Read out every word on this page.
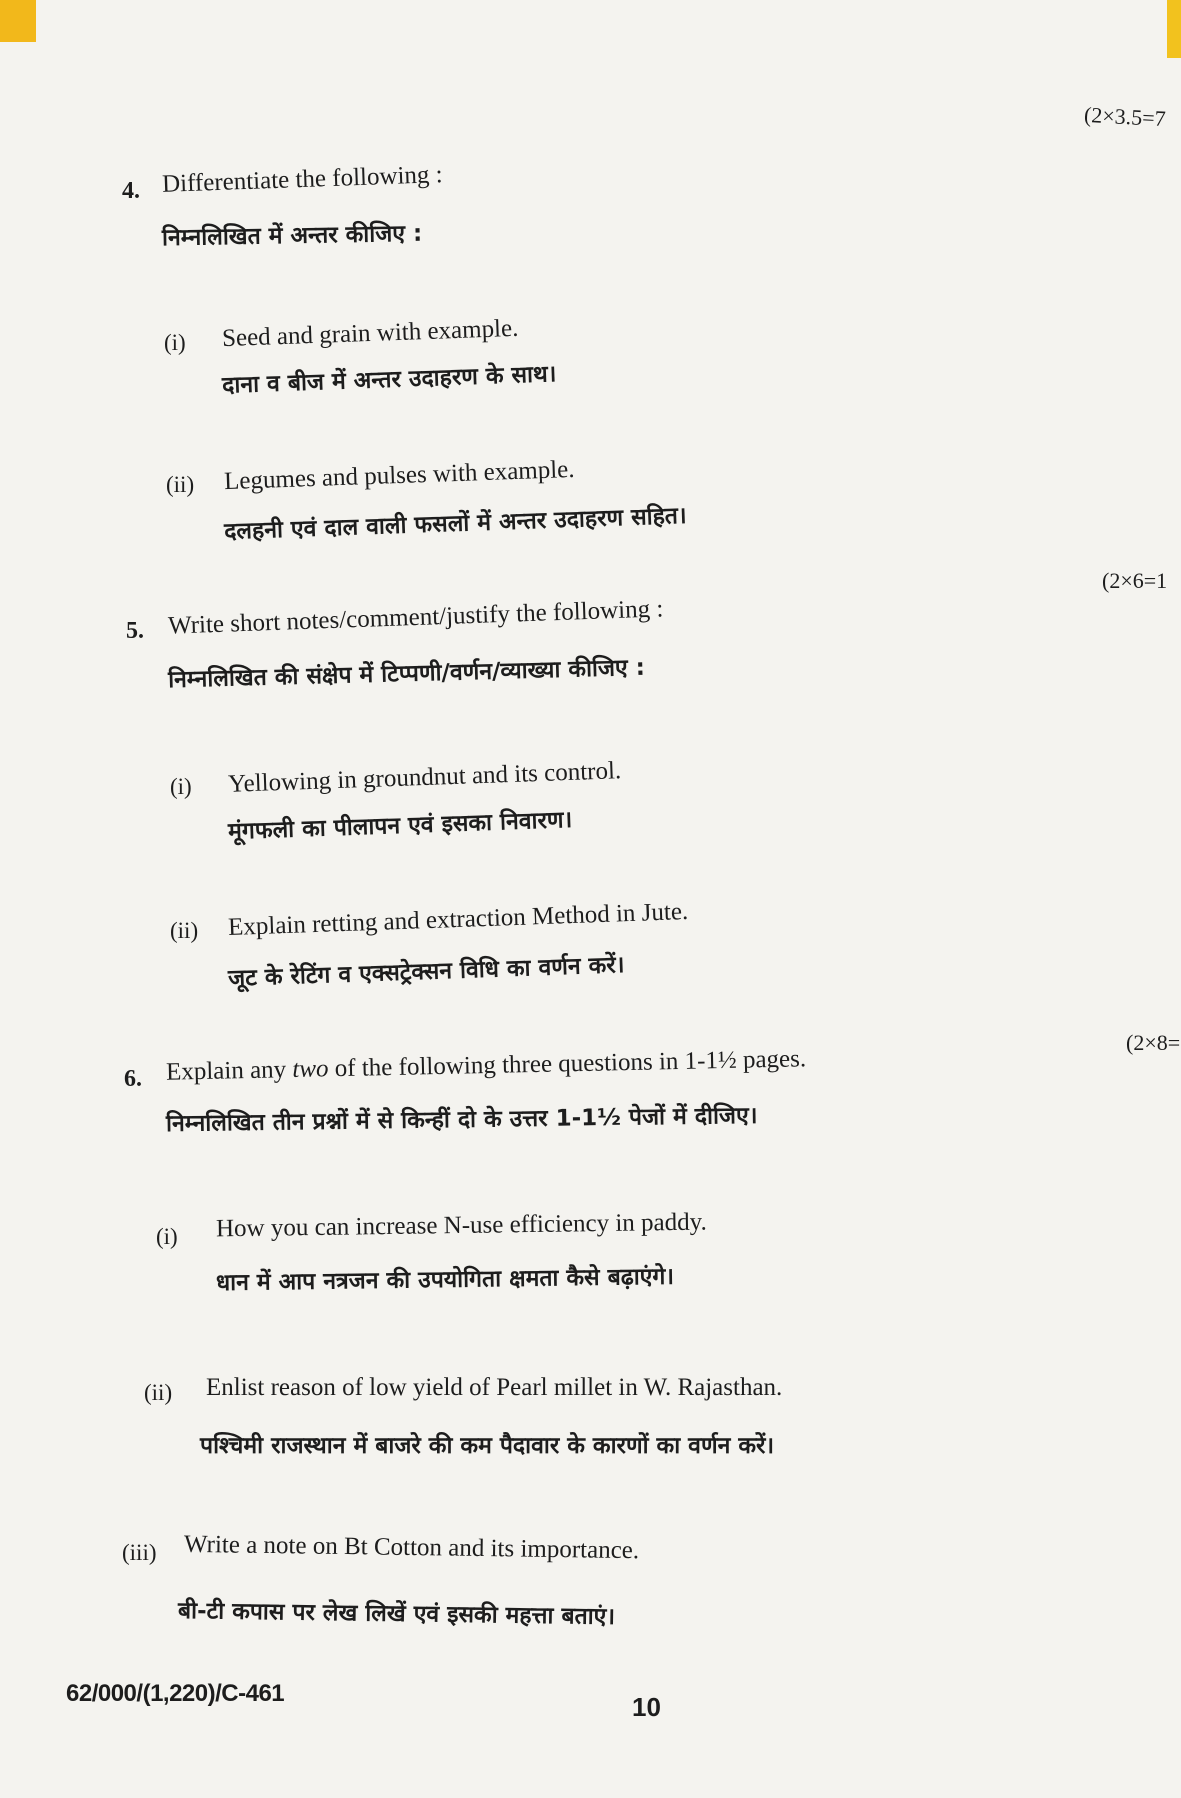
(2×3.5=7
4. Differentiate the following :
निम्नलिखित में अन्तर कीजिए :
(i) Seed and grain with example.
दाना व बीज में अन्तर उदाहरण के साथ।
(ii) Legumes and pulses with example.
दलहनी एवं दाल वाली फसलों में अन्तर उदाहरण सहित।
(2×6=1
5. Write short notes/comment/justify the following :
निम्नलिखित की संक्षेप में टिप्पणी/वर्णन/व्याख्या कीजिए :
(i) Yellowing in groundnut and its control.
मूंगफली का पीलापन एवं इसका निवारण।
(ii) Explain retting and extraction Method in Jute.
जूट के रेटिंग व एक्सट्रेक्सन विधि का वर्णन करें।
(2×8=
6. Explain any two of the following three questions in 1-1½ pages.
निम्नलिखित तीन प्रश्नों में से किन्हीं दो के उत्तर 1-1½ पेजों में दीजिए।
(i) How you can increase N-use efficiency in paddy.
धान में आप नत्रजन की उपयोगिता क्षमता कैसे बढ़ाएंगे।
(ii) Enlist reason of low yield of Pearl millet in W. Rajasthan.
पश्चिमी राजस्थान में बाजरे की कम पैदावार के कारणों का वर्णन करें।
(iii) Write a note on Bt Cotton and its importance.
बी-टी कपास पर लेख लिखें एवं इसकी महत्ता बताएं।
62/000/(1,220)/C-461	10
